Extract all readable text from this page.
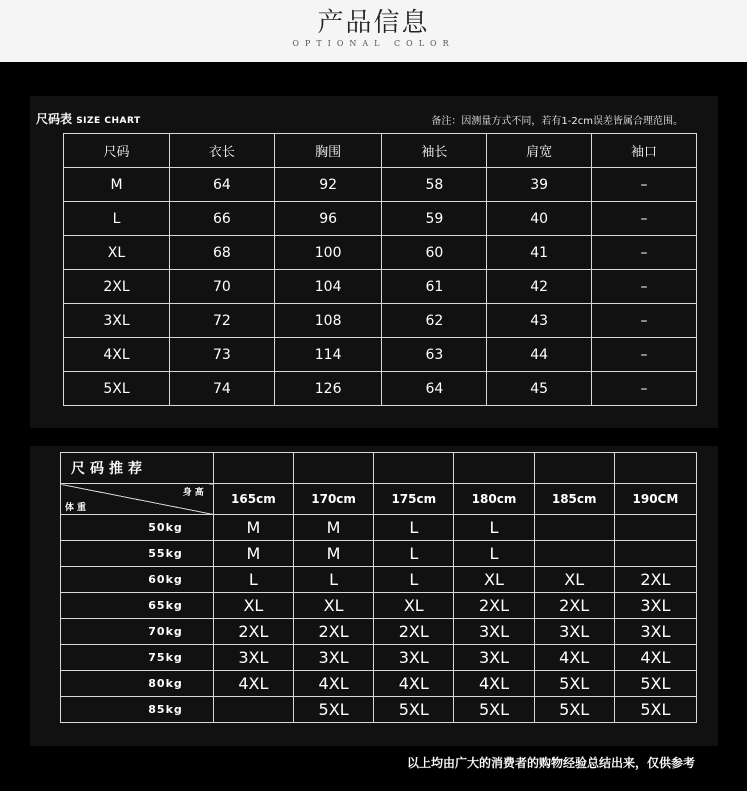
产品信息
OPTIONAL COLOR
尺码表 SIZE CHART	备注：因测量方式不同，若有1-2cm误差皆属合理范围。
尺码	衣长	胸围	袖长	肩宽	袖口
M	64	92	58	39	–
L	66	96	59	40	–
XL	68	100	60	41	–
2XL	70	104	61	42	–
3XL	72	108	62	43	–
4XL	73	114	63	44	–
5XL	74	126	64	45	–
尺码推荐						

身高
体重	165cm	170cm	175cm	180cm	185cm	190CM
50kg	M	M	L	L		
55kg	M	M	L	L		
60kg	L	L	L	XL	XL	2XL
65kg	XL	XL	XL	2XL	2XL	3XL
70kg	2XL	2XL	2XL	3XL	3XL	3XL
75kg	3XL	3XL	3XL	3XL	4XL	4XL
80kg	4XL	4XL	4XL	4XL	5XL	5XL
85kg		5XL	5XL	5XL	5XL	5XL
以上均由广大的消费者的购物经验总结出来，仅供参考
